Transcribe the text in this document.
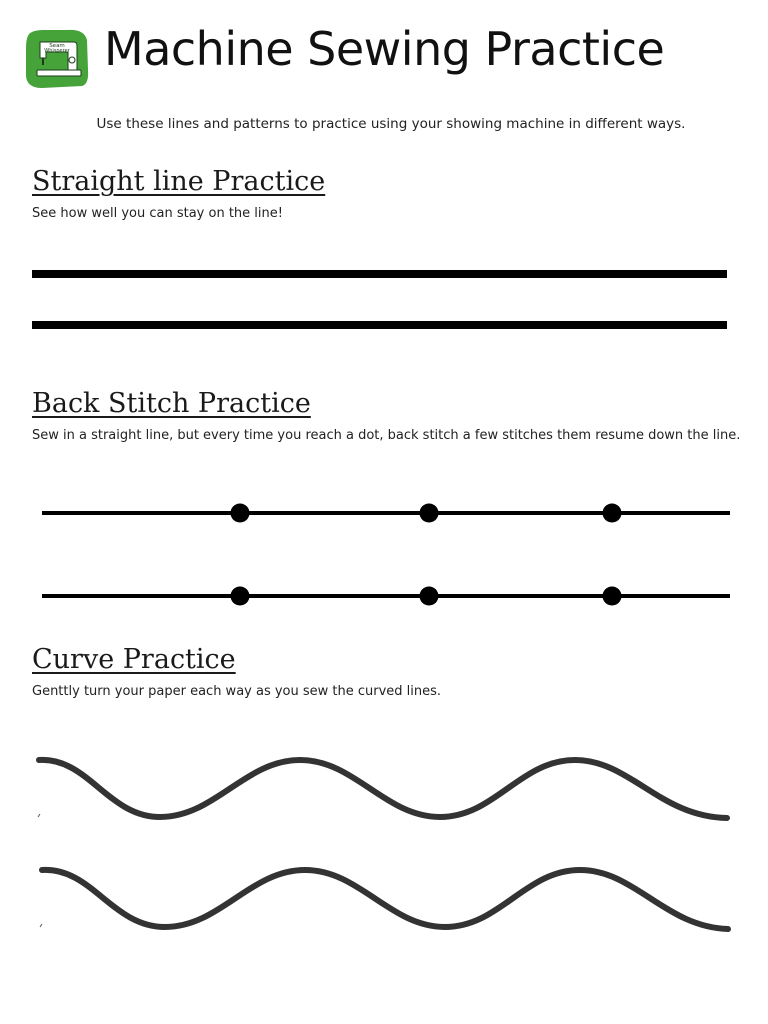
Seam
Whisperer Machine Sewing Practice
Use these lines and patterns to practice using your showing machine in different ways.
Straight line Practice
See how well you can stay on the line!
Back Stitch Practice
Sew in a straight line, but every time you reach a dot, back stitch a few stitches them resume down the line.
Curve Practice
Genttly turn your paper each way as you sew the curved lines.
